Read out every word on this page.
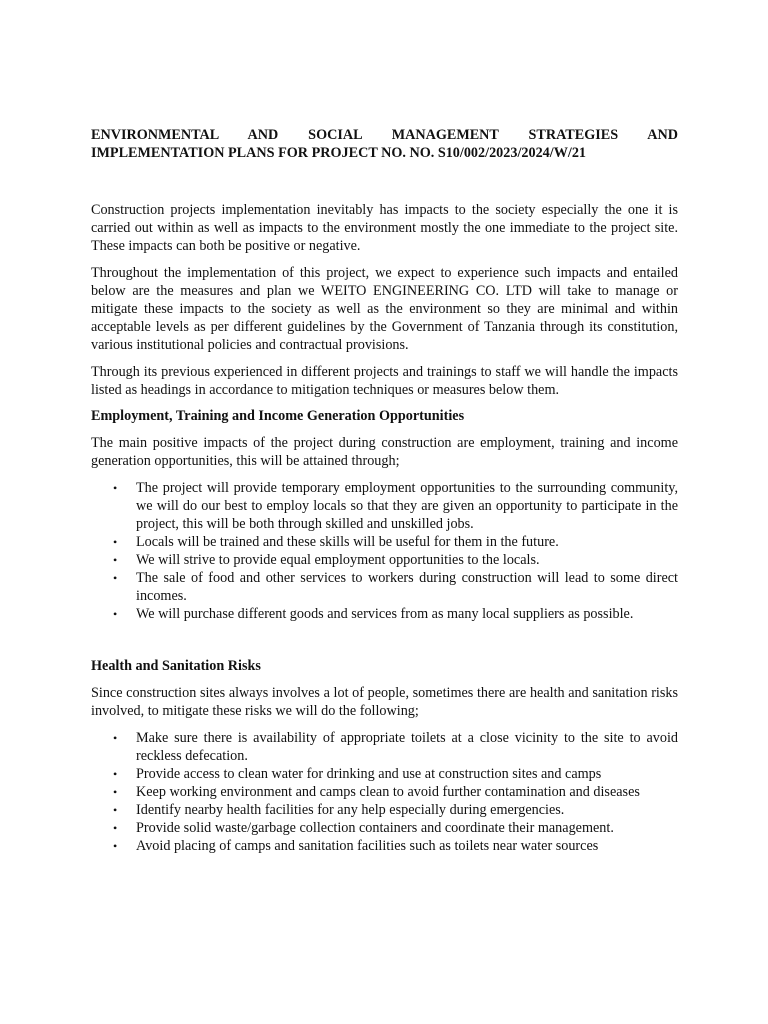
ENVIRONMENTAL AND SOCIAL MANAGEMENT STRATEGIES AND
IMPLEMENTATION PLANS FOR PROJECT NO. NO. S10/002/2023/2024/W/21

Construction projects implementation inevitably has impacts to the society especially the one it is carried out within as well as impacts to the environment mostly the one immediate to the project site. These impacts can both be positive or negative.

Throughout the implementation of this project, we expect to experience such impacts and entailed below are the measures and plan we WEITO ENGINEERING CO. LTD will take to manage or mitigate these impacts to the society as well as the environment so they are minimal and within acceptable levels as per different guidelines by the Government of Tanzania through its constitution, various institutional policies and contractual provisions.

Through its previous experienced in different projects and trainings to staff we will handle the impacts listed as headings in accordance to mitigation techniques or measures below them.

Employment, Training and Income Generation Opportunities

The main positive impacts of the project during construction are employment, training and income generation opportunities, this will be attained through;

• The project will provide temporary employment opportunities to the surrounding community, we will do our best to employ locals so that they are given an opportunity to participate in the project, this will be both through skilled and unskilled jobs.
• Locals will be trained and these skills will be useful for them in the future.
• We will strive to provide equal employment opportunities to the locals.
• The sale of food and other services to workers during construction will lead to some direct incomes.
• We will purchase different goods and services from as many local suppliers as possible.
Health and Sanitation Risks

Since construction sites always involves a lot of people, sometimes there are health and sanitation risks involved, to mitigate these risks we will do the following;

• Make sure there is availability of appropriate toilets at a close vicinity to the site to avoid reckless defecation.
• Provide access to clean water for drinking and use at construction sites and camps
• Keep working environment and camps clean to avoid further contamination and diseases
• Identify nearby health facilities for any help especially during emergencies.
• Provide solid waste/garbage collection containers and coordinate their management.
• Avoid placing of camps and sanitation facilities such as toilets near water sources
